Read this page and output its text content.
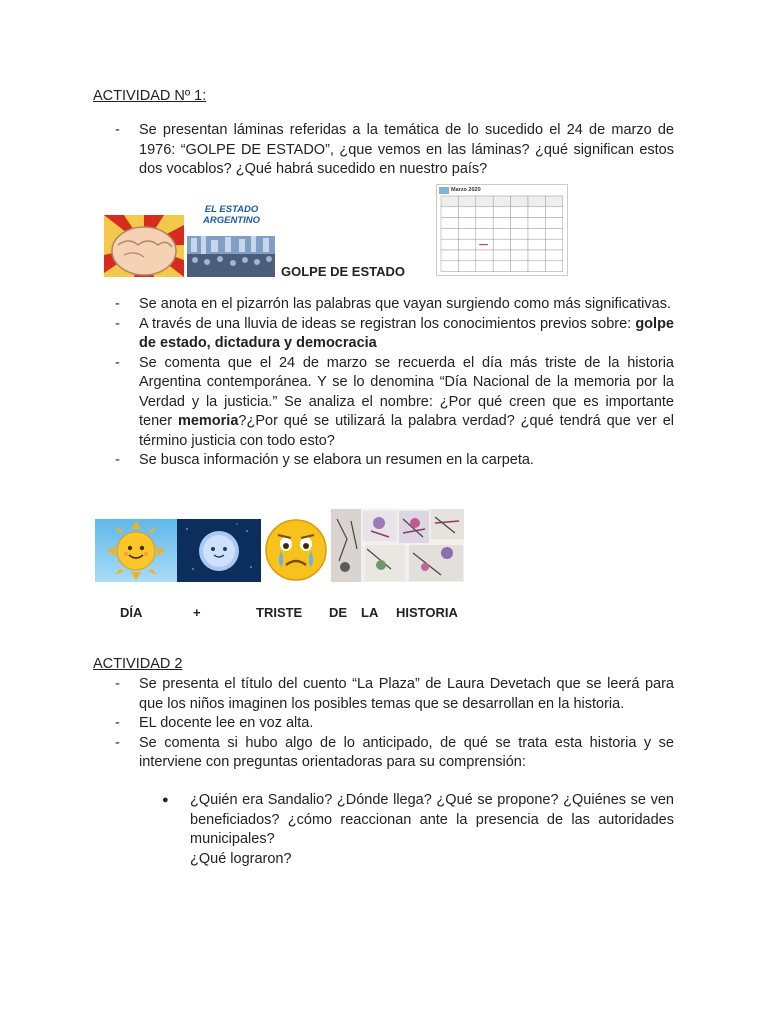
ACTIVIDAD Nº 1:
- Se presentan láminas referidas a la temática de lo sucedido el 24 de marzo de 1976: “GOLPE DE ESTADO”, ¿que vemos en las láminas? ¿qué significan estos dos vocablos? ¿Qué habrá sucedido en nuestro país?
EL ESTADO
ARGENTINO
Marzo 2020
GOLPE DE ESTADO
- Se anota en el pizarrón las palabras que vayan surgiendo como más significativas.
- A través de una lluvia de ideas se registran los conocimientos previos sobre: golpe de estado, dictadura y democracia
- Se comenta que el 24 de marzo se recuerda el día más triste de la historia Argentina contemporánea. Y se lo denomina “Día Nacional de la memoria por la Verdad y la justicia.” Se analiza el nombre: ¿Por qué creen que es importante tener memoria?¿Por qué se utilizará la palabra verdad? ¿qué tendrá que ver el término justicia con todo esto?
- Se busca información y se elabora un resumen en la carpeta.
DÍA	+	TRISTE DE LA HISTORIA
ACTIVIDAD 2
- Se presenta el título del cuento “La Plaza” de Laura Devetach que se leerá para que los niños imaginen los posibles temas que se desarrollan en la historia.
- EL docente lee en voz alta.
- Se comenta si hubo algo de lo anticipado, de qué se trata esta historia y se interviene con preguntas orientadoras para su comprensión:
●	¿Quién era Sandalio? ¿Dónde llega? ¿Qué se propone? ¿Quiénes se ven beneficiados? ¿cómo reaccionan ante la presencia de las autoridades municipales?
¿Qué lograron?
